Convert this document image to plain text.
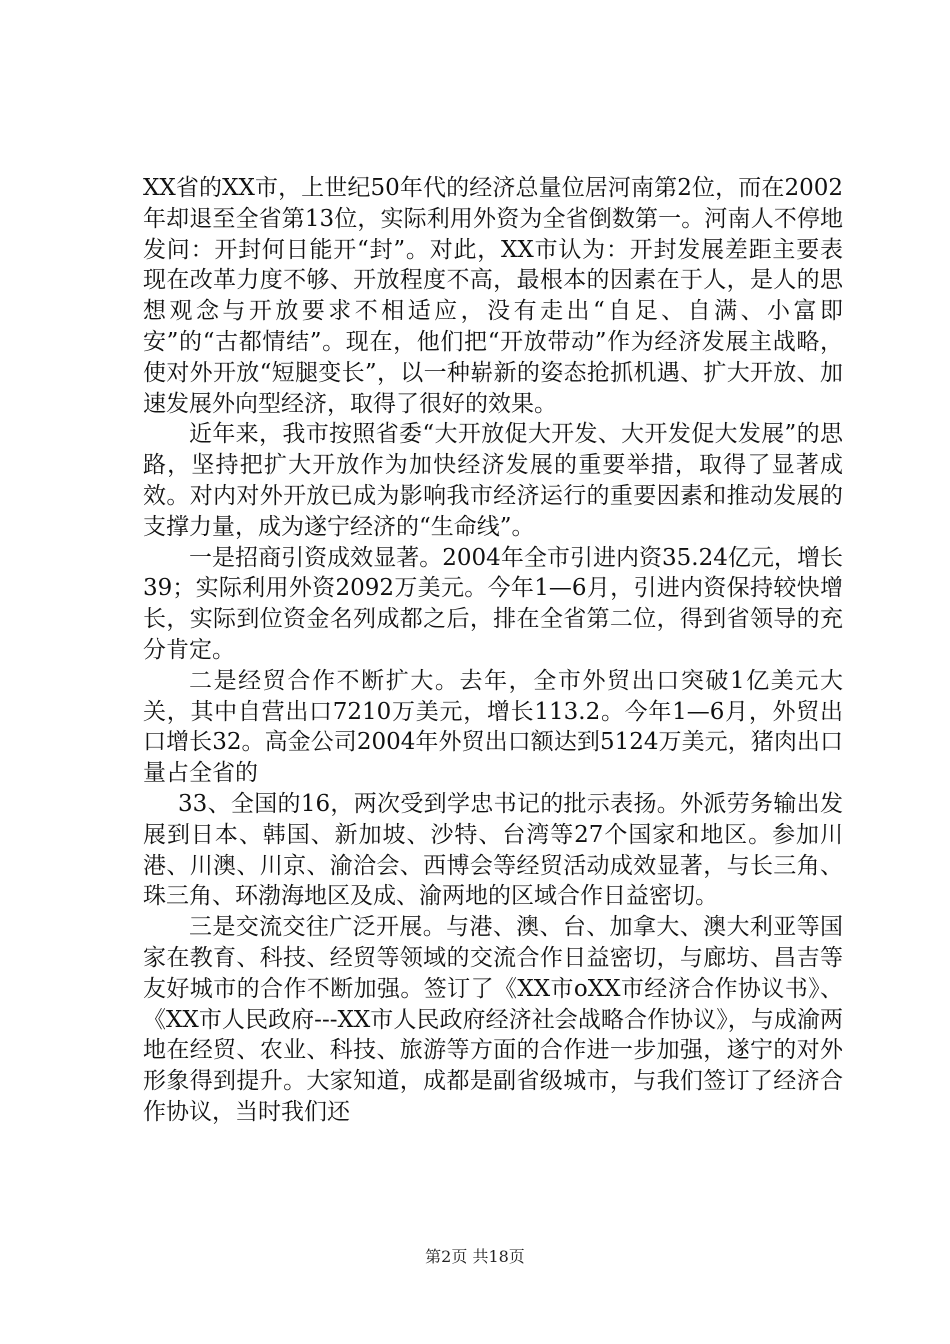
XX省的XX市，上世纪50年代的经济总量位居河南第2位，而在2002年却退至全省第13位，实际利用外资为全省倒数第一。河南人不停地发问：开封何日能开“封”。对此，XX市认为：开封发展差距主要表现在改革力度不够、开放程度不高，最根本的因素在于人，是人的思想观念与开放要求不相适应，没有走出“自足、自满、小富即安”的“古都情结”。现在，他们把“开放带动”作为经济发展主战略，使对外开放“短腿变长”，以一种崭新的姿态抢抓机遇、扩大开放、加速发展外向型经济，取得了很好的效果。

近年来，我市按照省委“大开放促大开发、大开发促大发展”的思路，坚持把扩大开放作为加快经济发展的重要举措，取得了显著成效。对内对外开放已成为影响我市经济运行的重要因素和推动发展的支撑力量，成为遂宁经济的“生命线”。

一是招商引资成效显著。2004年全市引进内资35.24亿元，增长39；实际利用外资2092万美元。今年1—6月，引进内资保持较快增长，实际到位资金名列成都之后，排在全省第二位，得到省领导的充分肯定。

二是经贸合作不断扩大。去年，全市外贸出口突破1亿美元大关，其中自营出口7210万美元，增长113.2。今年1—6月，外贸出口增长32。高金公司2004年外贸出口额达到5124万美元，猪肉出口量占全省的

33、全国的16，两次受到学忠书记的批示表扬。外派劳务输出发展到日本、韩国、新加坡、沙特、台湾等27个国家和地区。参加川港、川澳、川京、渝洽会、西博会等经贸活动成效显著，与长三角、珠三角、环渤海地区及成、渝两地的区域合作日益密切。

三是交流交往广泛开展。与港、澳、台、加拿大、澳大利亚等国家在教育、科技、经贸等领域的交流合作日益密切，与廊坊、昌吉等友好城市的合作不断加强。签订了《XX市oXX市经济合作协议书》、《XX市人民政府---XX市人民政府经济社会战略合作协议》，与成渝两地在经贸、农业、科技、旅游等方面的合作进一步加强，遂宁的对外形象得到提升。大家知道，成都是副省级城市，与我们签订了经济合作协议，当时我们还

第2页 共18页
